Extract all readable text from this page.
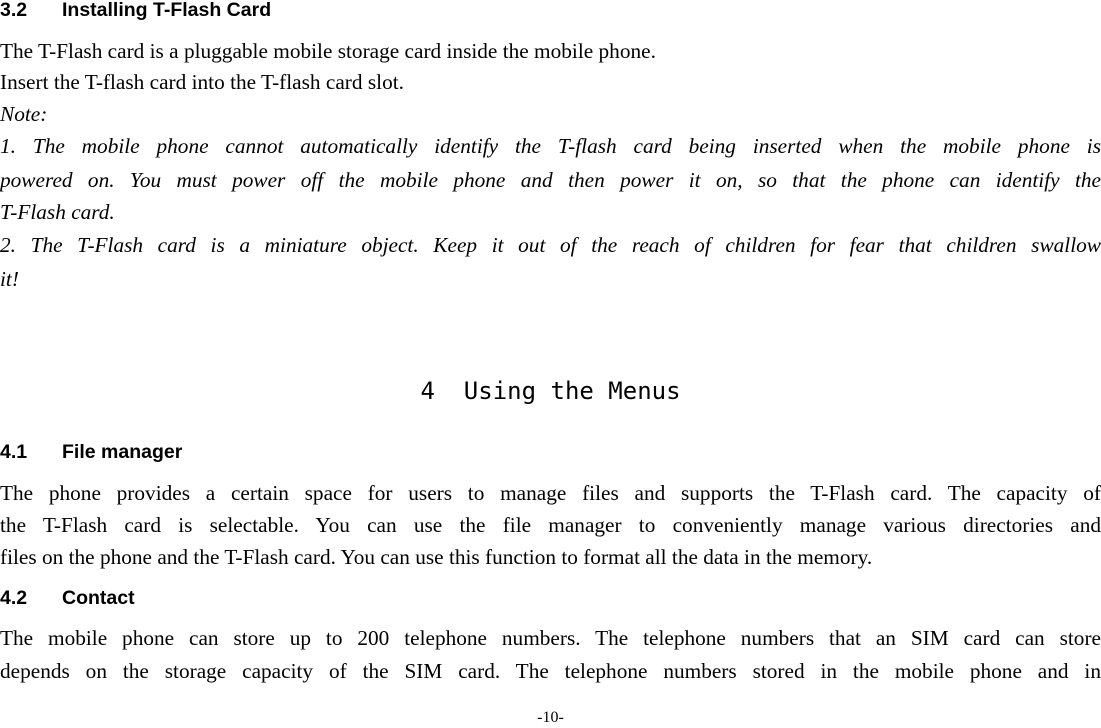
3.2 Installing T-Flash Card
The T-Flash card is a pluggable mobile storage card inside the mobile phone.
Insert the T-flash card into the T-flash card slot.
Note:
1. The mobile phone cannot automatically identify the T-flash card being inserted when the mobile phone is
powered on. You must power off the mobile phone and then power it on, so that the phone can identify the
T-Flash card.
2. The T-Flash card is a miniature object. Keep it out of the reach of children for fear that children swallow
it!
4 Using the Menus
4.1 File manager
The phone provides a certain space for users to manage files and supports the T-Flash card. The capacity of
the T-Flash card is selectable. You can use the file manager to conveniently manage various directories and
files on the phone and the T-Flash card. You can use this function to format all the data in the memory.
4.2 Contact
The mobile phone can store up to 200 telephone numbers. The telephone numbers that an SIM card can store
depends on the storage capacity of the SIM card. The telephone numbers stored in the mobile phone and in
-10-
